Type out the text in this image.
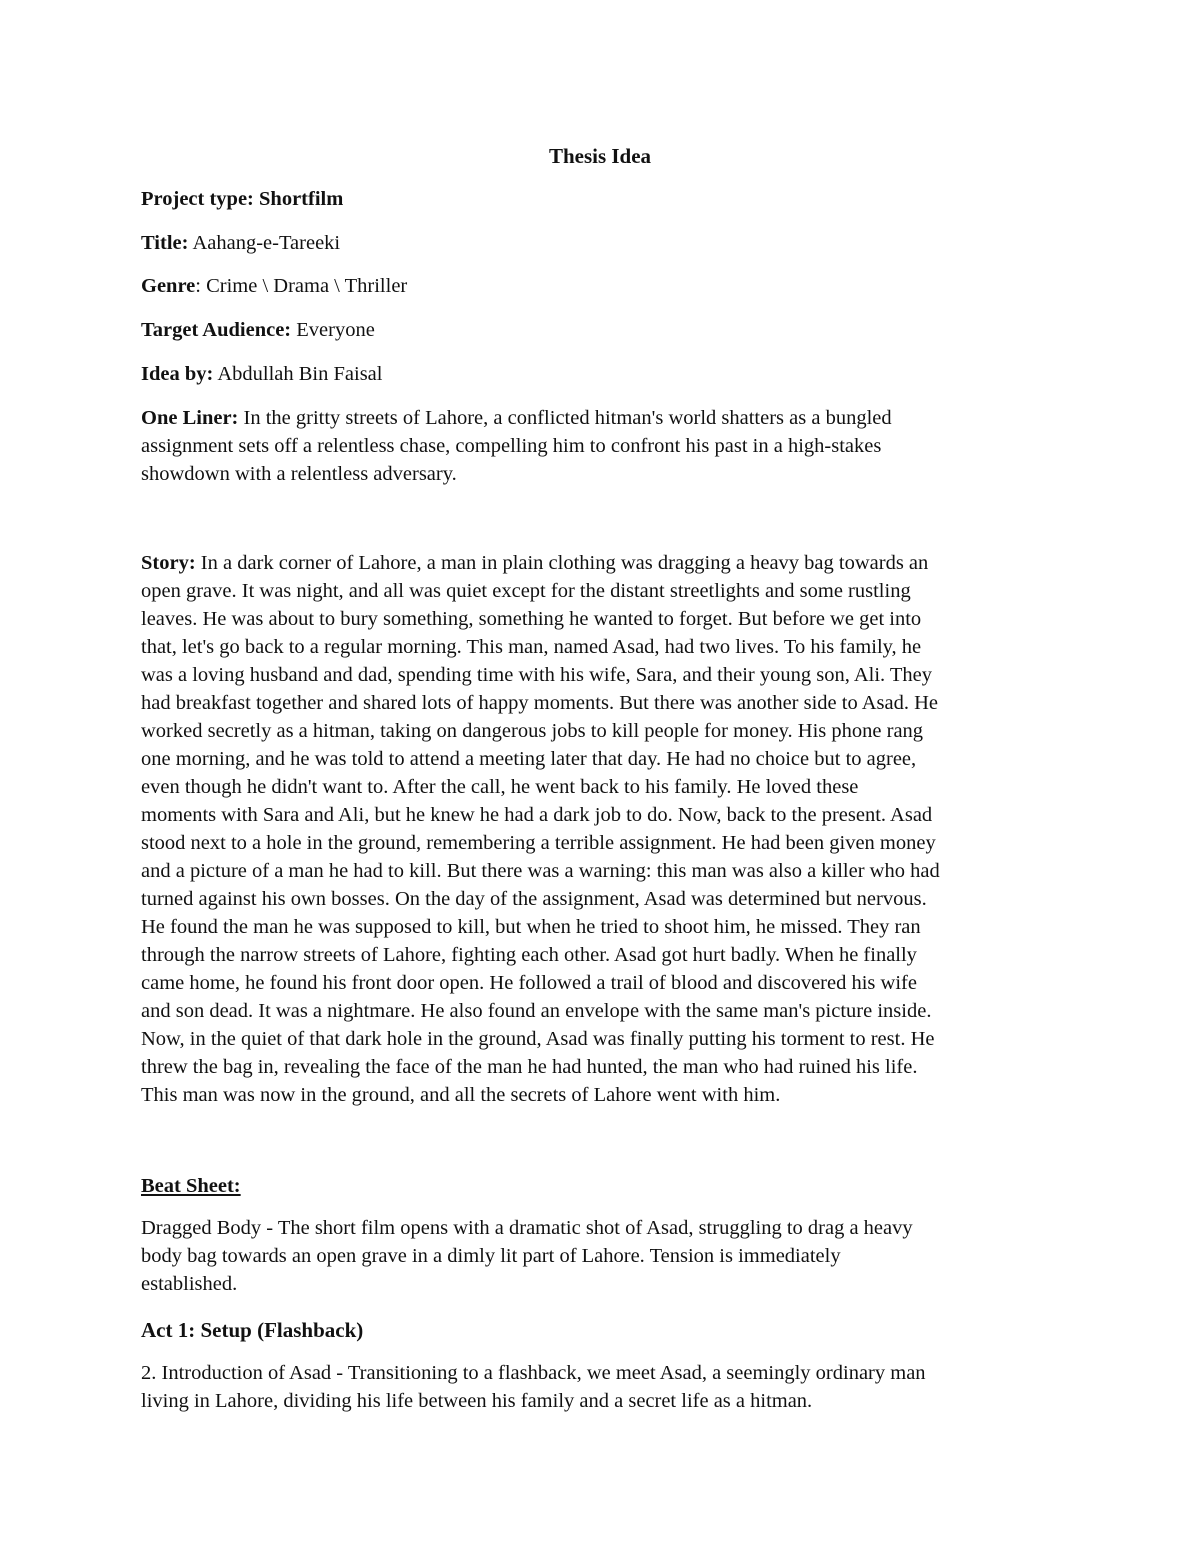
Thesis Idea
Project type: Shortfilm
Title: Aahang-e-Tareeki
Genre: Crime \ Drama \ Thriller
Target Audience: Everyone
Idea by: Abdullah Bin Faisal
One Liner: In the gritty streets of Lahore, a conflicted hitman's world shatters as a bungled
assignment sets off a relentless chase, compelling him to confront his past in a high-stakes
showdown with a relentless adversary.
Story: In a dark corner of Lahore, a man in plain clothing was dragging a heavy bag towards an
open grave. It was night, and all was quiet except for the distant streetlights and some rustling
leaves. He was about to bury something, something he wanted to forget. But before we get into
that, let's go back to a regular morning. This man, named Asad, had two lives. To his family, he
was a loving husband and dad, spending time with his wife, Sara, and their young son, Ali. They
had breakfast together and shared lots of happy moments. But there was another side to Asad. He
worked secretly as a hitman, taking on dangerous jobs to kill people for money. His phone rang
one morning, and he was told to attend a meeting later that day. He had no choice but to agree,
even though he didn't want to. After the call, he went back to his family. He loved these
moments with Sara and Ali, but he knew he had a dark job to do. Now, back to the present. Asad
stood next to a hole in the ground, remembering a terrible assignment. He had been given money
and a picture of a man he had to kill. But there was a warning: this man was also a killer who had
turned against his own bosses. On the day of the assignment, Asad was determined but nervous.
He found the man he was supposed to kill, but when he tried to shoot him, he missed. They ran
through the narrow streets of Lahore, fighting each other. Asad got hurt badly. When he finally
came home, he found his front door open. He followed a trail of blood and discovered his wife
and son dead. It was a nightmare. He also found an envelope with the same man's picture inside.
Now, in the quiet of that dark hole in the ground, Asad was finally putting his torment to rest. He
threw the bag in, revealing the face of the man he had hunted, the man who had ruined his life.
This man was now in the ground, and all the secrets of Lahore went with him.
Beat Sheet:
Dragged Body - The short film opens with a dramatic shot of Asad, struggling to drag a heavy
body bag towards an open grave in a dimly lit part of Lahore. Tension is immediately
established.
Act 1: Setup (Flashback)
2. Introduction of Asad - Transitioning to a flashback, we meet Asad, a seemingly ordinary man
living in Lahore, dividing his life between his family and a secret life as a hitman.
